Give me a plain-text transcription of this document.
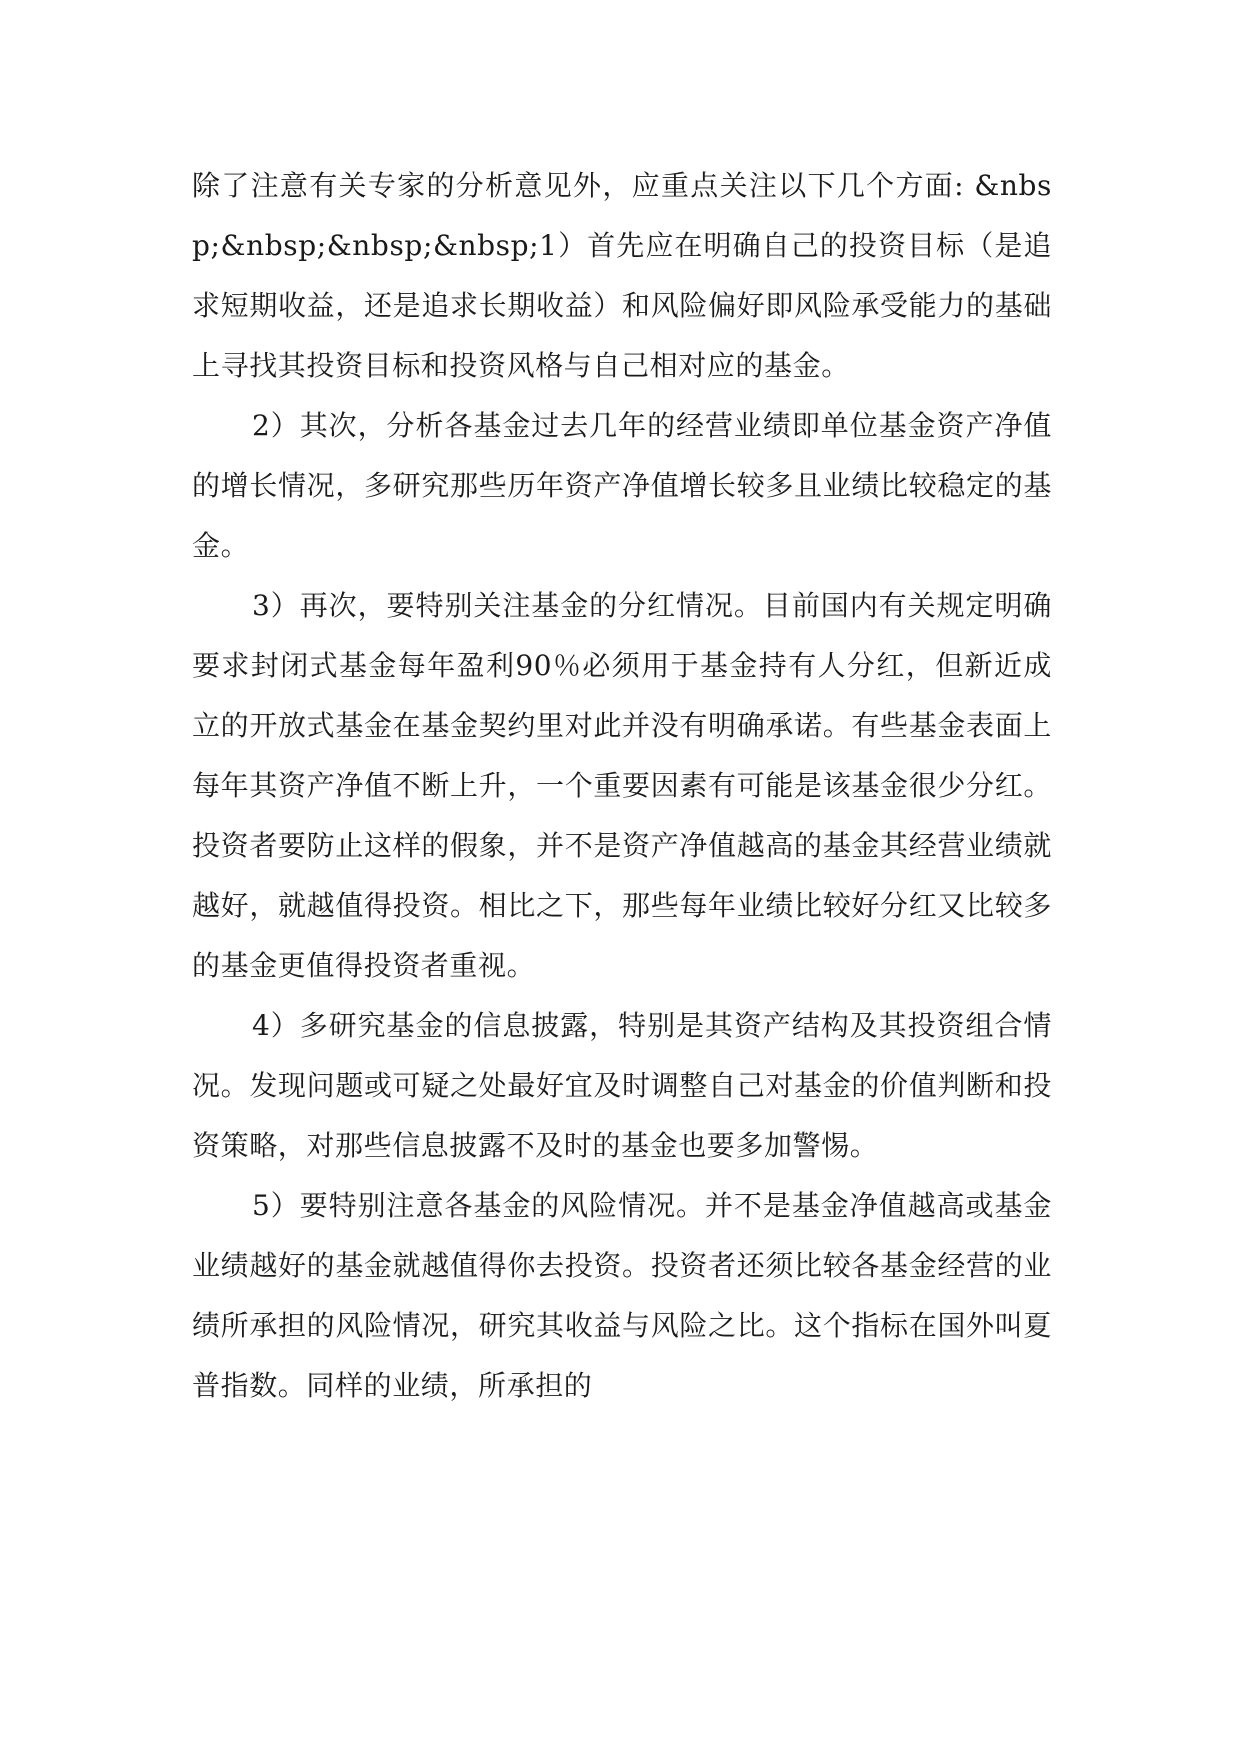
除了注意有关专家的分析意见外，应重点关注以下几个方面: &nbsp;&nbsp;&nbsp;&nbsp;1）首先应在明确自己的投资目标（是追求短期收益，还是追求长期收益）和风险偏好即风险承受能力的基础上寻找其投资目标和投资风格与自己相对应的基金。

2）其次，分析各基金过去几年的经营业绩即单位基金资产净值的增长情况，多研究那些历年资产净值增长较多且业绩比较稳定的基金。

3）再次，要特别关注基金的分红情况。目前国内有关规定明确要求封闭式基金每年盈利90％必须用于基金持有人分红，但新近成立的开放式基金在基金契约里对此并没有明确承诺。有些基金表面上每年其资产净值不断上升，一个重要因素有可能是该基金很少分红。投资者要防止这样的假象，并不是资产净值越高的基金其经营业绩就越好，就越值得投资。相比之下，那些每年业绩比较好分红又比较多的基金更值得投资者重视。

4）多研究基金的信息披露，特别是其资产结构及其投资组合情况。发现问题或可疑之处最好宜及时调整自己对基金的价值判断和投资策略，对那些信息披露不及时的基金也要多加警惕。

5）要特别注意各基金的风险情况。并不是基金净值越高或基金业绩越好的基金就越值得你去投资。投资者还须比较各基金经营的业绩所承担的风险情况，研究其收益与风险之比。这个指标在国外叫夏普指数。同样的业绩，所承担的
